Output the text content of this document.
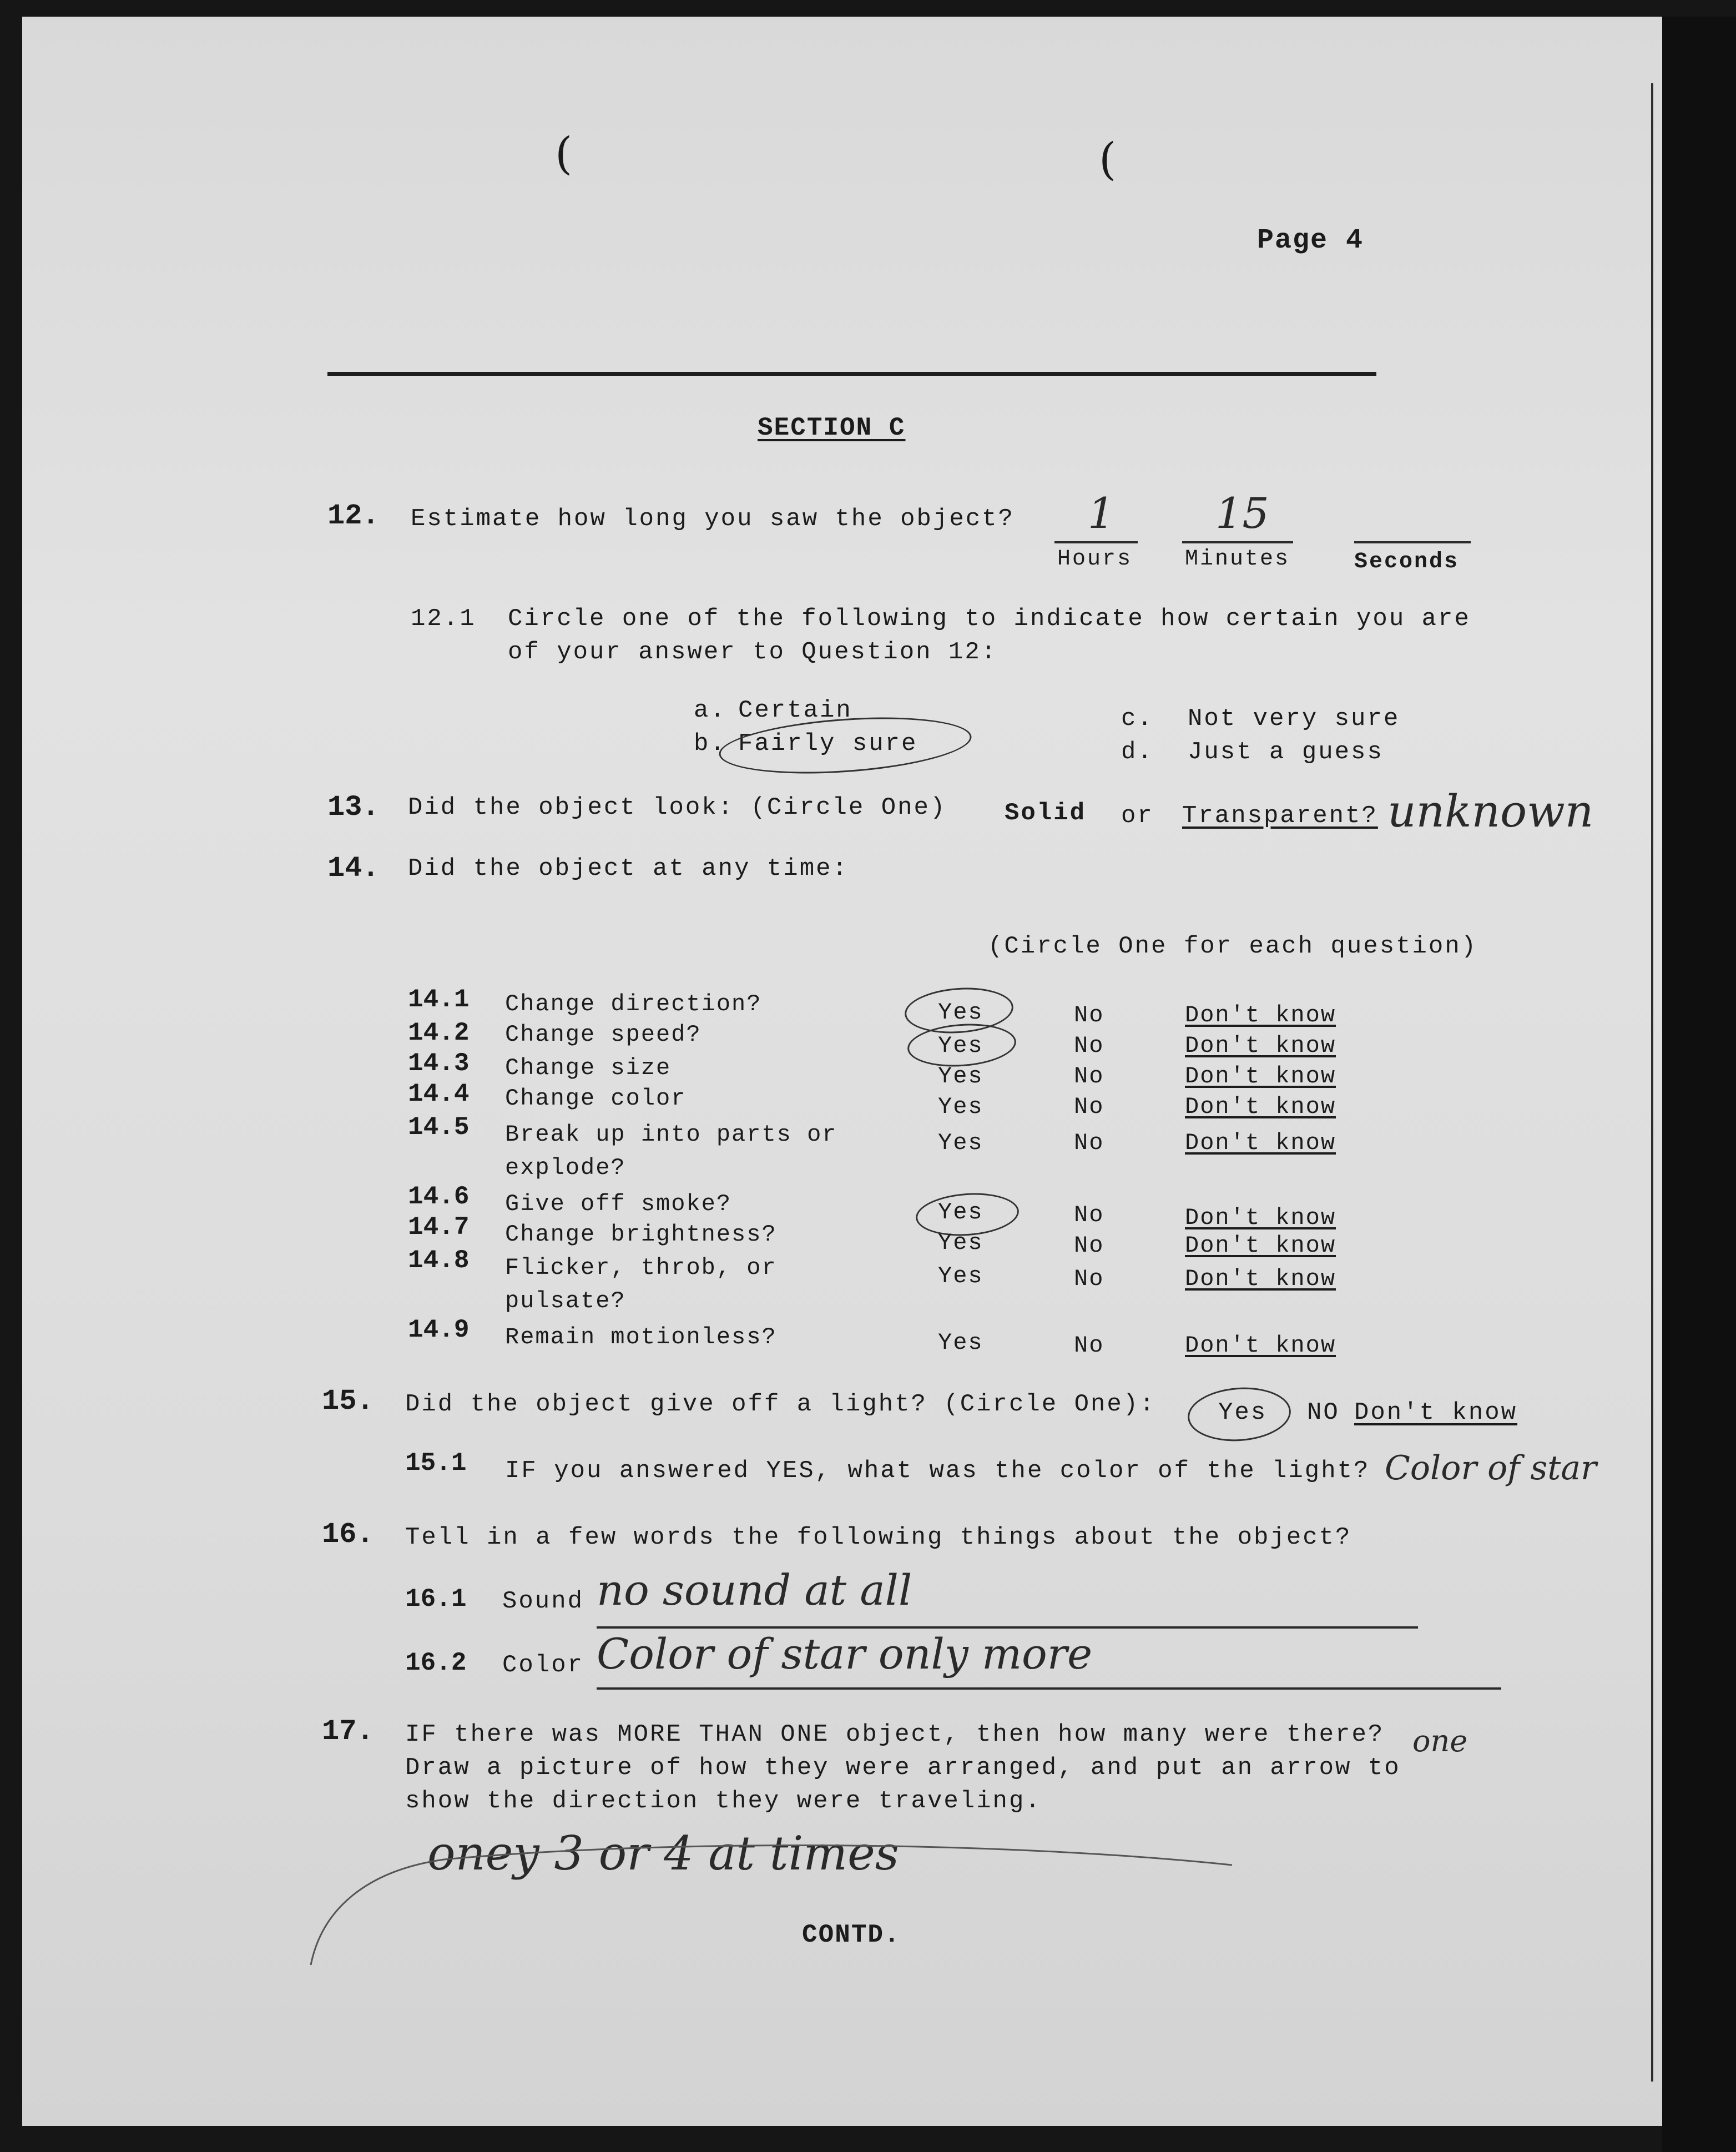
(	(
Page 4
SECTION C
12. Estimate how long you saw the object? 1 15
Hours Minutes	Seconds
12.1 Circle one of the following to indicate how certain you are
of your answer to Question 12:
a. Certain
b. Fairly sure
c. Not very sure
d. Just a guess
13. Did the object look: (Circle One) Solid or Transparent? unknown
14. Did the object at any time:
(Circle One for each question)
14.1 Change direction?	Yes	No	Don't know
14.2 Change speed?	Yes	No	Don't know
14.3 Change size	Yes	No	Don't know
14.4 Change color	Yes	No	Don't know
14.5 Break up into parts or
explode?
Yes	No	Don't know
14.6 Give off smoke?	Yes	No	Don't know
14.7 Change brightness?	Yes	No	Don't know
14.8 Flicker, throb, or
pulsate?
Yes	No	Don't know
14.9 Remain motionless?	Yes	No	Don't know
15. Did the object give off a light? (Circle One):	Yes NO Don't know
15.1 IF you answered YES, what was the color of the light? Color of star
16. Tell in a few words the following things about the object?
16.1 Sound no sound at all
16.2 Color Color of star only more
17. IF there was MORE THAN ONE object, then how many were there?
Draw a picture of how they were arranged, and put an arrow to
show the direction they were traveling.
one
oney 3 or 4 at times
CONTD.
